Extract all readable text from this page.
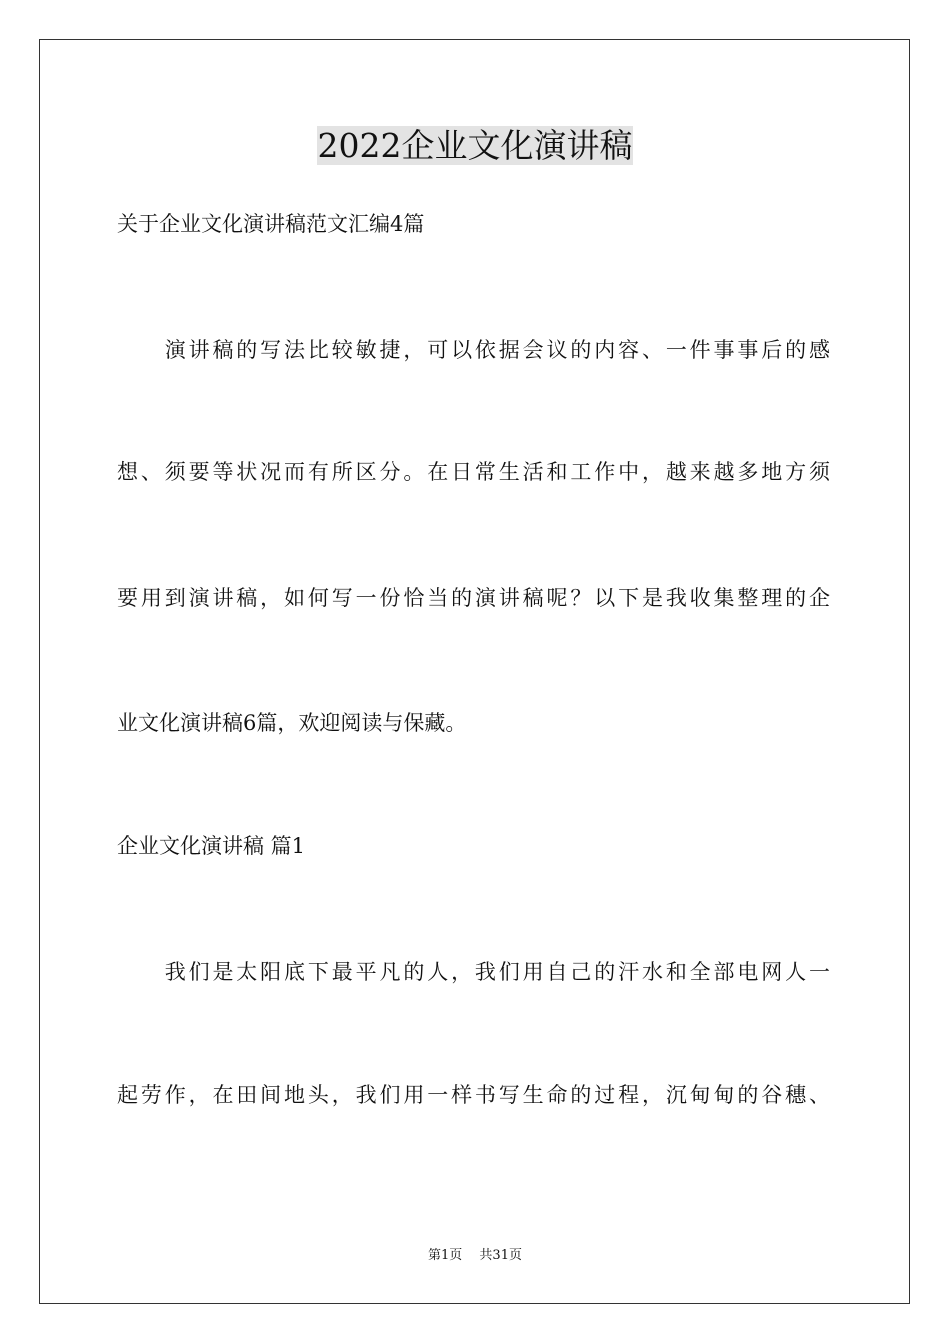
2022企业文化演讲稿
关于企业文化演讲稿范文汇编4篇
　　演讲稿的写法比较敏捷，可以依据会议的内容、一件事事后的感
想、须要等状况而有所区分。在日常生活和工作中，越来越多地方须
要用到演讲稿，如何写一份恰当的演讲稿呢？以下是我收集整理的企
业文化演讲稿6篇，欢迎阅读与保藏。
企业文化演讲稿 篇1
　　我们是太阳底下最平凡的人，我们用自己的汗水和全部电网人一
起劳作，在田间地头，我们用一样书写生命的过程，沉甸甸的谷穗、
第1页　 共31页
